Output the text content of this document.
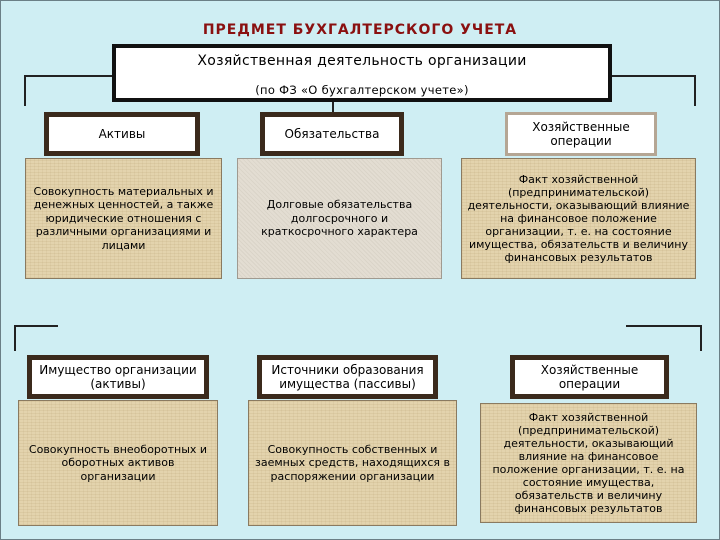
ПРЕДМЕТ БУХГАЛТЕРСКОГО УЧЕТА
Хозяйственная деятельность организации
(по ФЗ «О бухгалтерском учете»)
Активы
Совокупность материальных и денежных ценностей, а также юридические отношения с различными организациями и лицами
Обязательства
Долговые обязательства долгосрочного и краткосрочного характера
Хозяйственные операции
Факт хозяйственной (предпринимательской) деятельности, оказывающий влияние на финансовое положение организации, т. е. на состояние имущества, обязательств и величину финансовых результатов
Имущество организации (активы)
Совокупность внеоборотных и оборотных активов организации
Источники образования имущества (пассивы)
Совокупность собственных и заемных средств, находящихся в распоряжении организации
Хозяйственные операции
Факт хозяйственной (предпринимательской) деятельности, оказывающий влияние на финансовое положение организации, т. е. на состояние имущества, обязательств и величину финансовых результатов
